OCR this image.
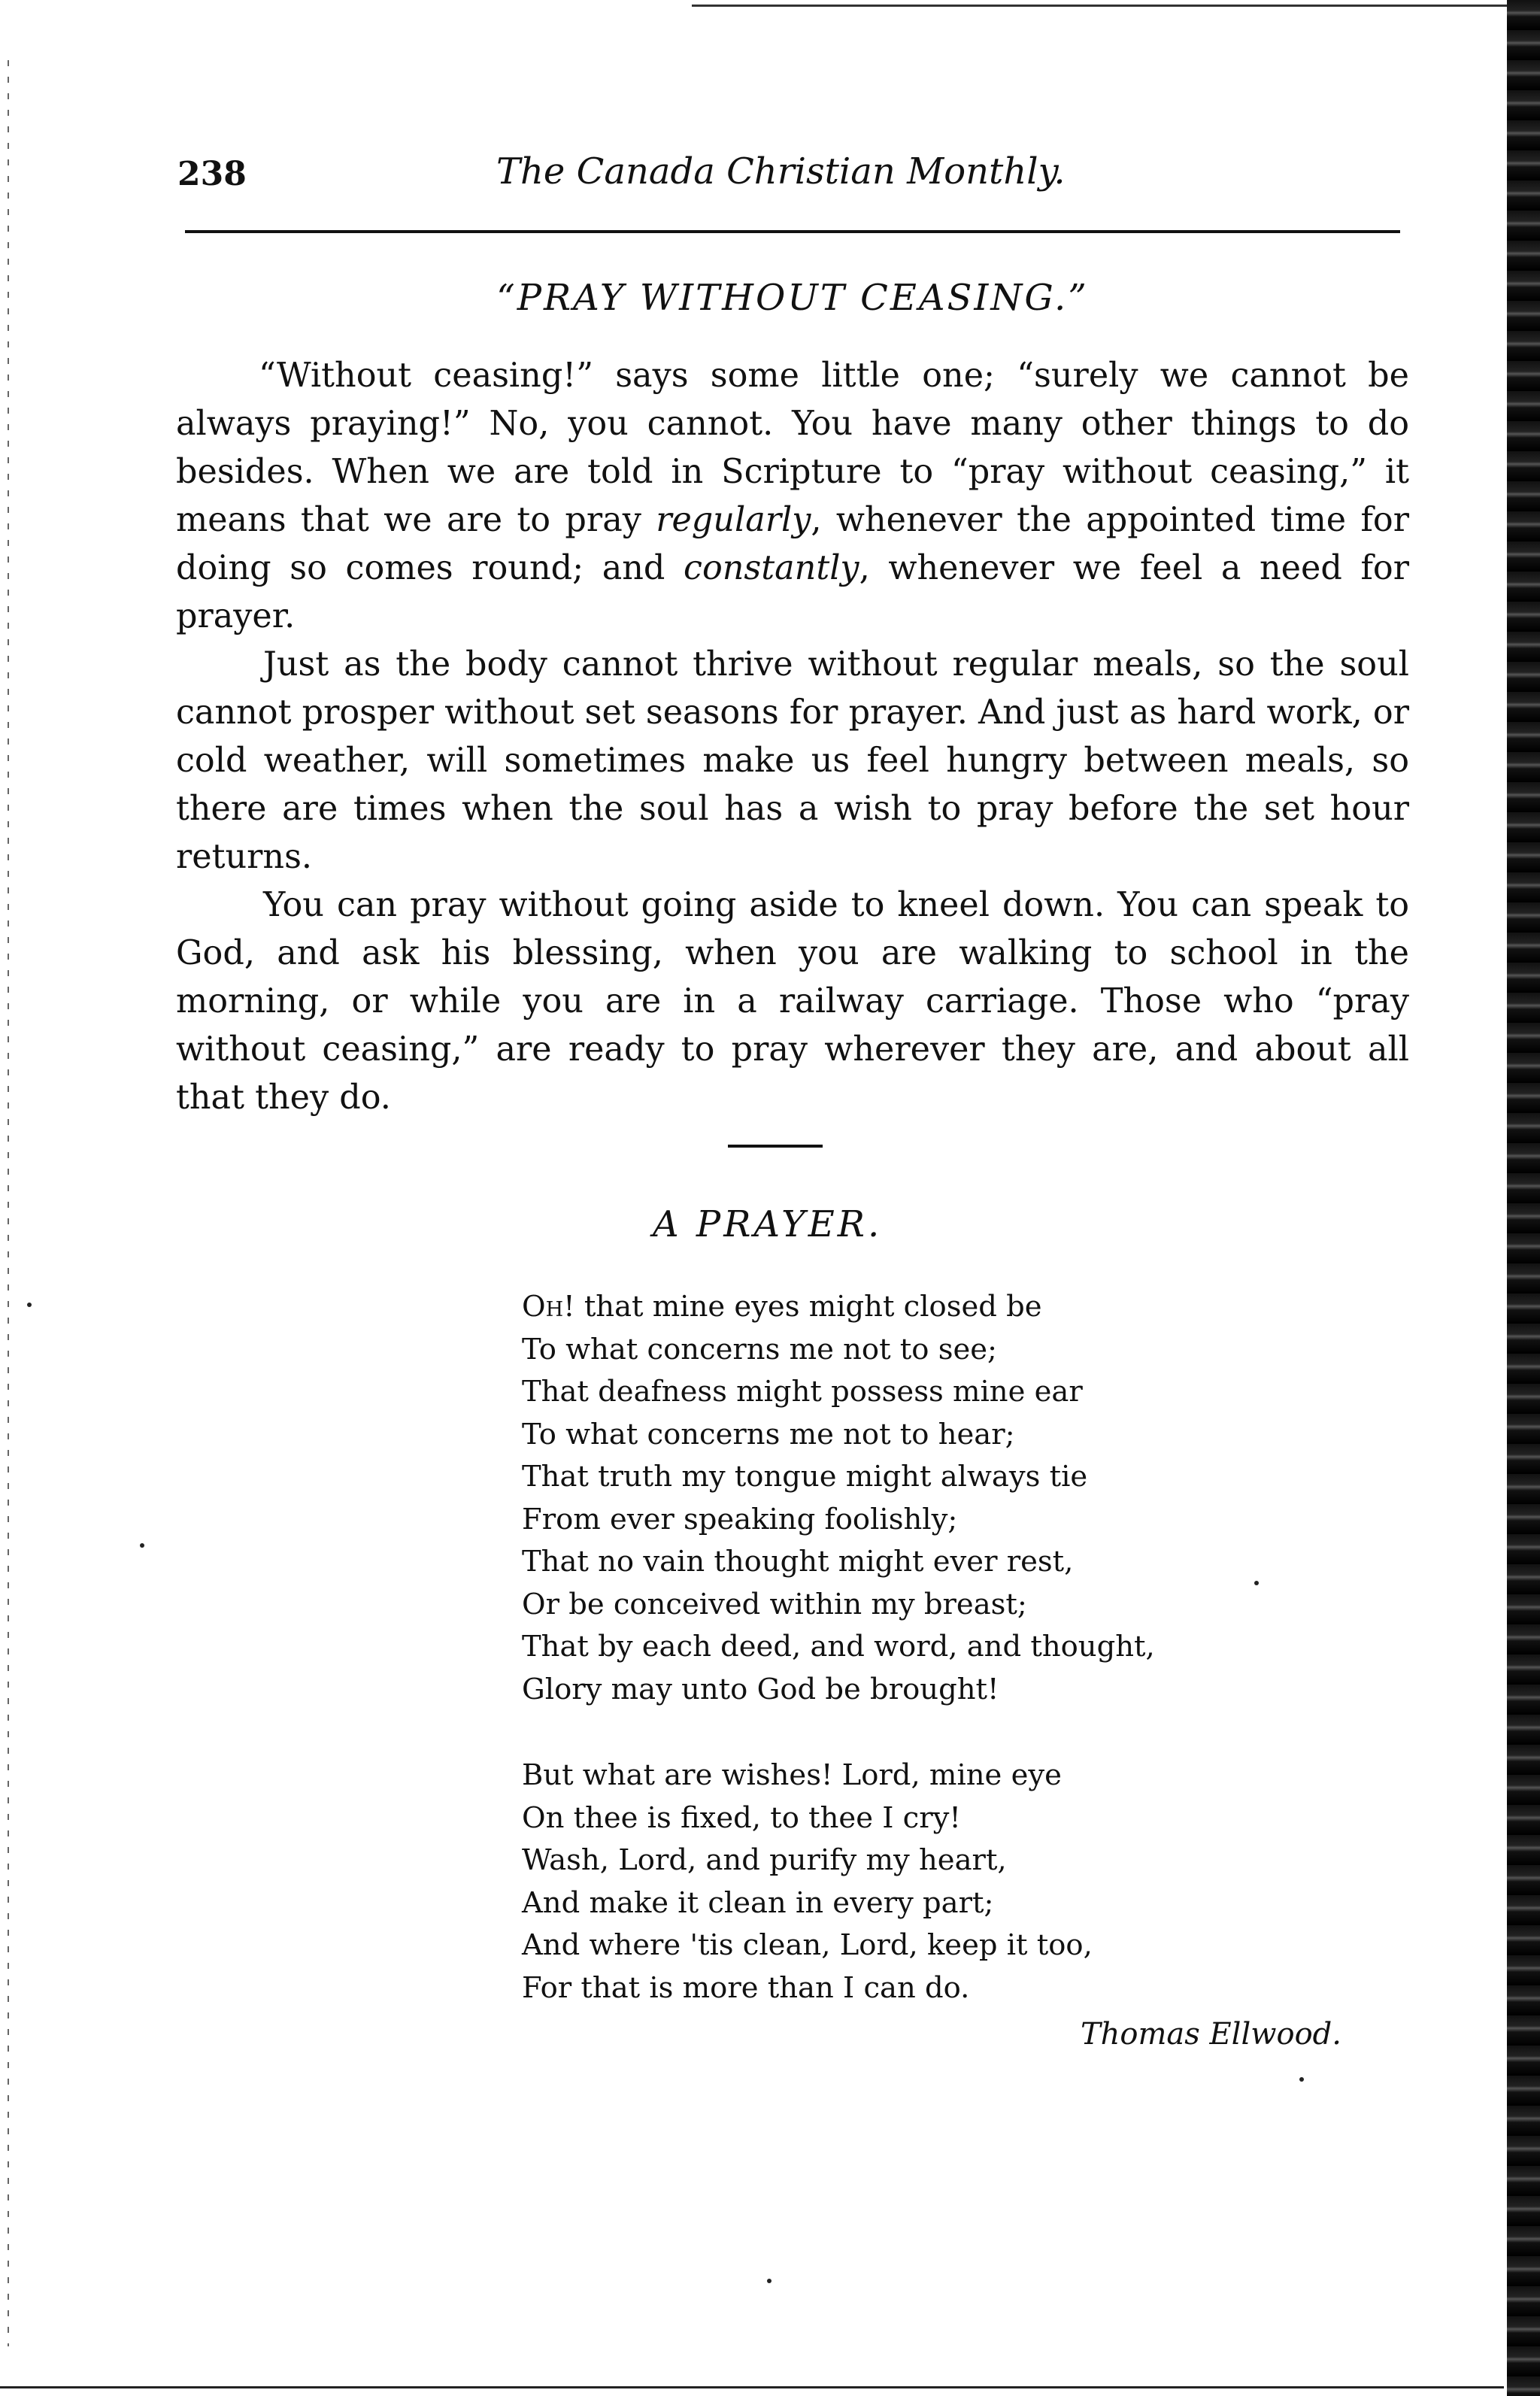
238	The Canada Christian Monthly.
“PRAY WITHOUT CEASING.”

“Without ceasing!” says some little one; “surely we cannot be always praying!” No, you cannot. You have many other things to do besides. When we are told in Scripture to “pray without ceasing,” it means that we are to pray regularly, whenever the appointed time for doing so comes round; and constantly, whenever we feel a need for prayer.

Just as the body cannot thrive without regular meals, so the soul cannot prosper without set seasons for prayer. And just as hard work, or cold weather, will sometimes make us feel hungry between meals, so there are times when the soul has a wish to pray before the set hour returns.

You can pray without going aside to kneel down. You can speak to God, and ask his blessing, when you are walking to school in the morning, or while you are in a railway carriage. Those who “pray without ceasing,” are ready to pray wherever they are, and about all that they do.

A PRAYER.
Oh! that mine eyes might closed be
To what concerns me not to see;
That deafness might possess mine ear
To what concerns me not to hear;
That truth my tongue might always tie
From ever speaking foolishly;
That no vain thought might ever rest,
Or be conceived within my breast;
That by each deed, and word, and thought,
Glory may unto God be brought!
But what are wishes! Lord, mine eye
On thee is fixed, to thee I cry!
Wash, Lord, and purify my heart,
And make it clean in every part;
And where 'tis clean, Lord, keep it too,
For that is more than I can do.
Thomas Ellwood.
